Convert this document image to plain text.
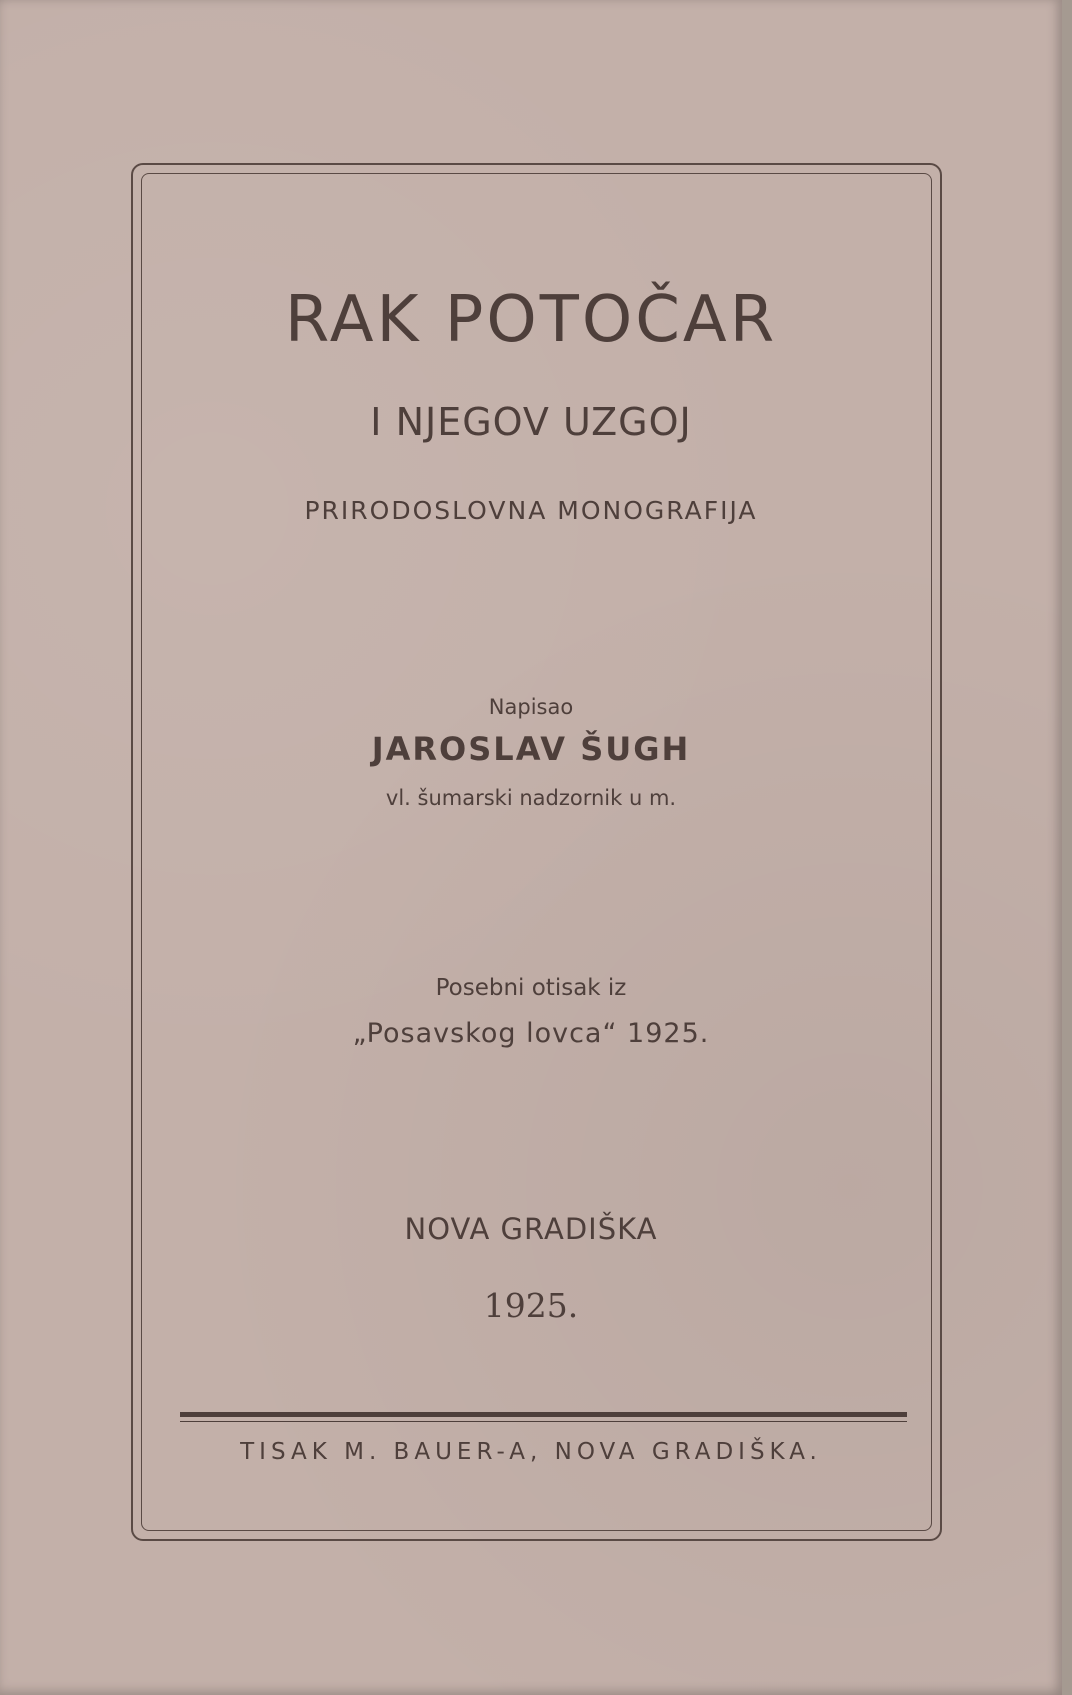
RAK POTOČAR
I NJEGOV UZGOJ
PRIRODOSLOVNA MONOGRAFIJA
Napisao
JAROSLAV ŠUGH
vl. šumarski nadzornik u m.
Posebni otisak iz
„Posavskog lovca“ 1925.
NOVA GRADIŠKA
1925.
TISAK M. BAUER-A, NOVA GRADIŠKA.
